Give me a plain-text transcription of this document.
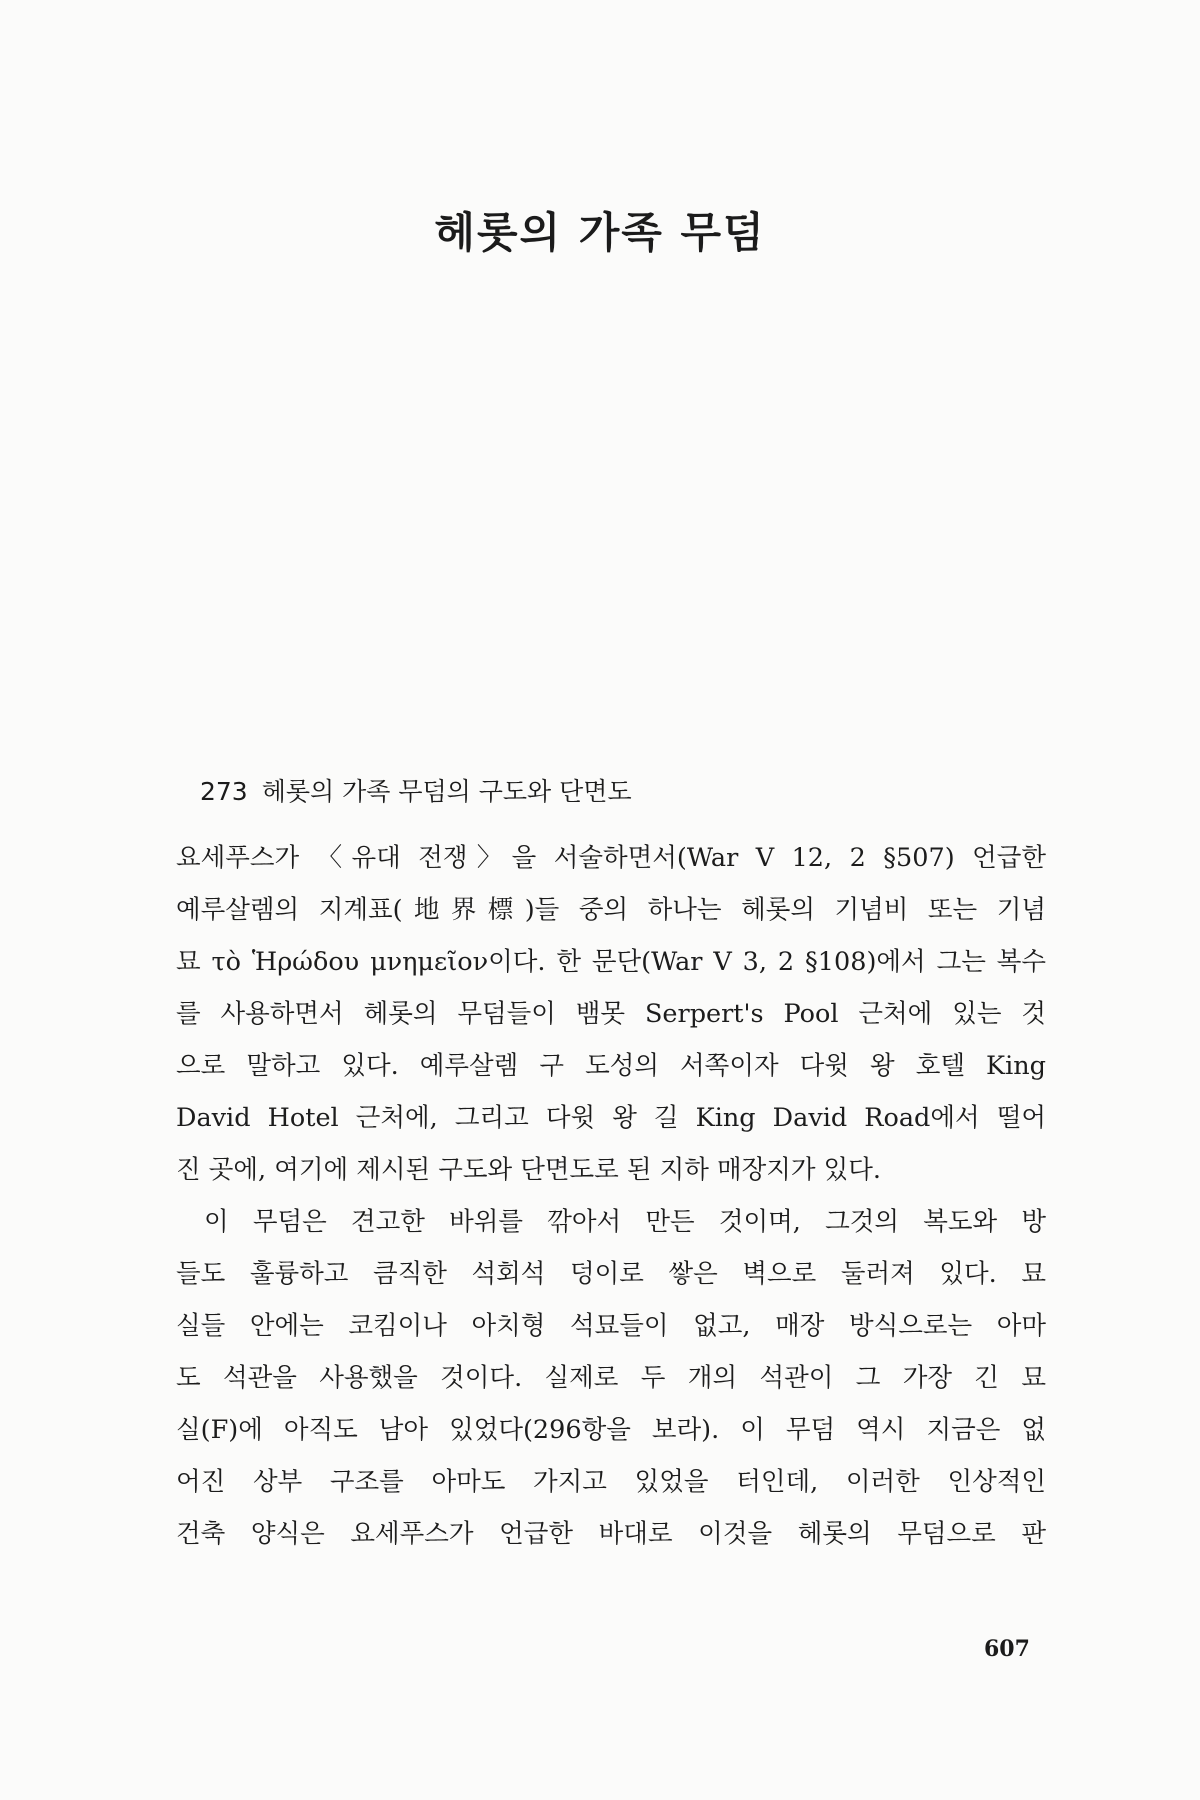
헤롯의 가족 무덤
273 헤롯의 가족 무덤의 구도와 단면도
요세푸스가 〈유대 전쟁〉을 서술하면서(War V 12, 2 §507) 언급한
예루살렘의 지계표(地界標)들 중의 하나는 헤롯의 기념비 또는 기념
묘 τὸ Ἡρώδου μνημεῖον이다. 한 문단(War V 3, 2 §108)에서 그는 복수
를 사용하면서 헤롯의 무덤들이 뱀못 Serpert's Pool 근처에 있는 것
으로 말하고 있다. 예루살렘 구 도성의 서쪽이자 다윗 왕 호텔 King
David Hotel 근처에, 그리고 다윗 왕 길 King David Road에서 떨어
진 곳에, 여기에 제시된 구도와 단면도로 된 지하 매장지가 있다.
이 무덤은 견고한 바위를 깎아서 만든 것이며, 그것의 복도와 방
들도 훌륭하고 큼직한 석회석 덩이로 쌓은 벽으로 둘러져 있다. 묘
실들 안에는 코킴이나 아치형 석묘들이 없고, 매장 방식으로는 아마
도 석관을 사용했을 것이다. 실제로 두 개의 석관이 그 가장 긴 묘
실(F)에 아직도 남아 있었다(296항을 보라). 이 무덤 역시 지금은 없
어진 상부 구조를 아마도 가지고 있었을 터인데, 이러한 인상적인
건축 양식은 요세푸스가 언급한 바대로 이것을 헤롯의 무덤으로 판
607
